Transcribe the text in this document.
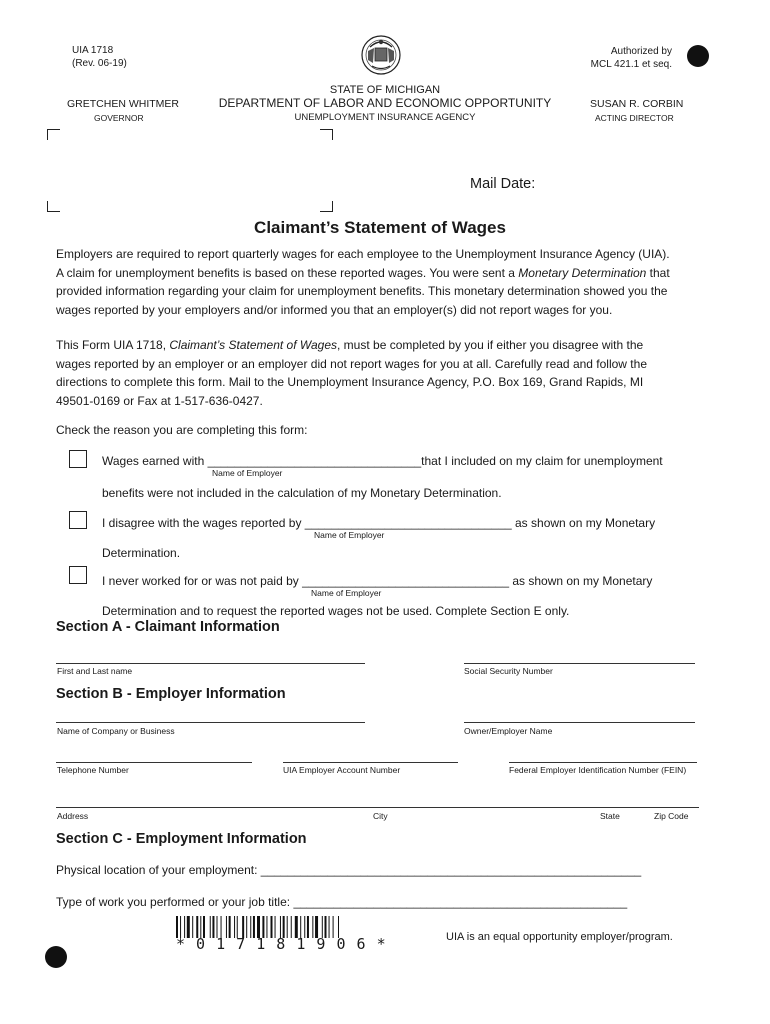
UIA 1718
(Rev. 06-19)
Authorized by
MCL 421.1 et seq.
STATE OF MICHIGAN
DEPARTMENT OF LABOR AND ECONOMIC OPPORTUNITY
UNEMPLOYMENT INSURANCE AGENCY
GRETCHEN WHITMER
GOVERNOR
SUSAN R. CORBIN
ACTING DIRECTOR
Mail Date:
Claimant’s Statement of Wages

Employers are required to report quarterly wages for each employee to the Unemployment Insurance Agency (UIA).

A claim for unemployment benefits is based on these reported wages. You were sent a Monetary Determination that

provided information regarding your claim for unemployment benefits. This monetary determination showed you the

wages reported by your employers and/or informed you that an employer(s) did not report wages for you.

This Form UIA 1718, Claimant’s Statement of Wages, must be completed by you if either you disagree with the

wages reported by an employer or an employer did not report wages for you at all. Carefully read and follow the

directions to complete this form. Mail to the Unemployment Insurance Agency, P.O. Box 169, Grand Rapids, MI

49501-0169 or Fax at 1-517-636-0427.

Check the reason you are completing this form:
Wages earned with ________________________________that I included on my claim for unemployment
Name of Employer
benefits were not included in the calculation of my Monetary Determination.
I disagree with the wages reported by _______________________________ as shown on my Monetary
Name of Employer
Determination.
I never worked for or was not paid by _______________________________ as shown on my Monetary
Name of Employer
Determination and to request the reported wages not be used. Complete Section E only.
Section A - Claimant Information
First and Last name	Social Security Number
Section B - Employer Information
Name of Company or Business	Owner/Employer Name
Telephone Number	UIA Employer Account Number	Federal Employer Identification Number (FEIN)
Address	City	State	Zip Code
Section C - Employment Information
Physical location of your employment: _________________________________________________________
Type of work you performed or your job title: __________________________________________________
* 0 1 7 1 8 1 9 0 6 *	UIA is an equal opportunity employer/program.
